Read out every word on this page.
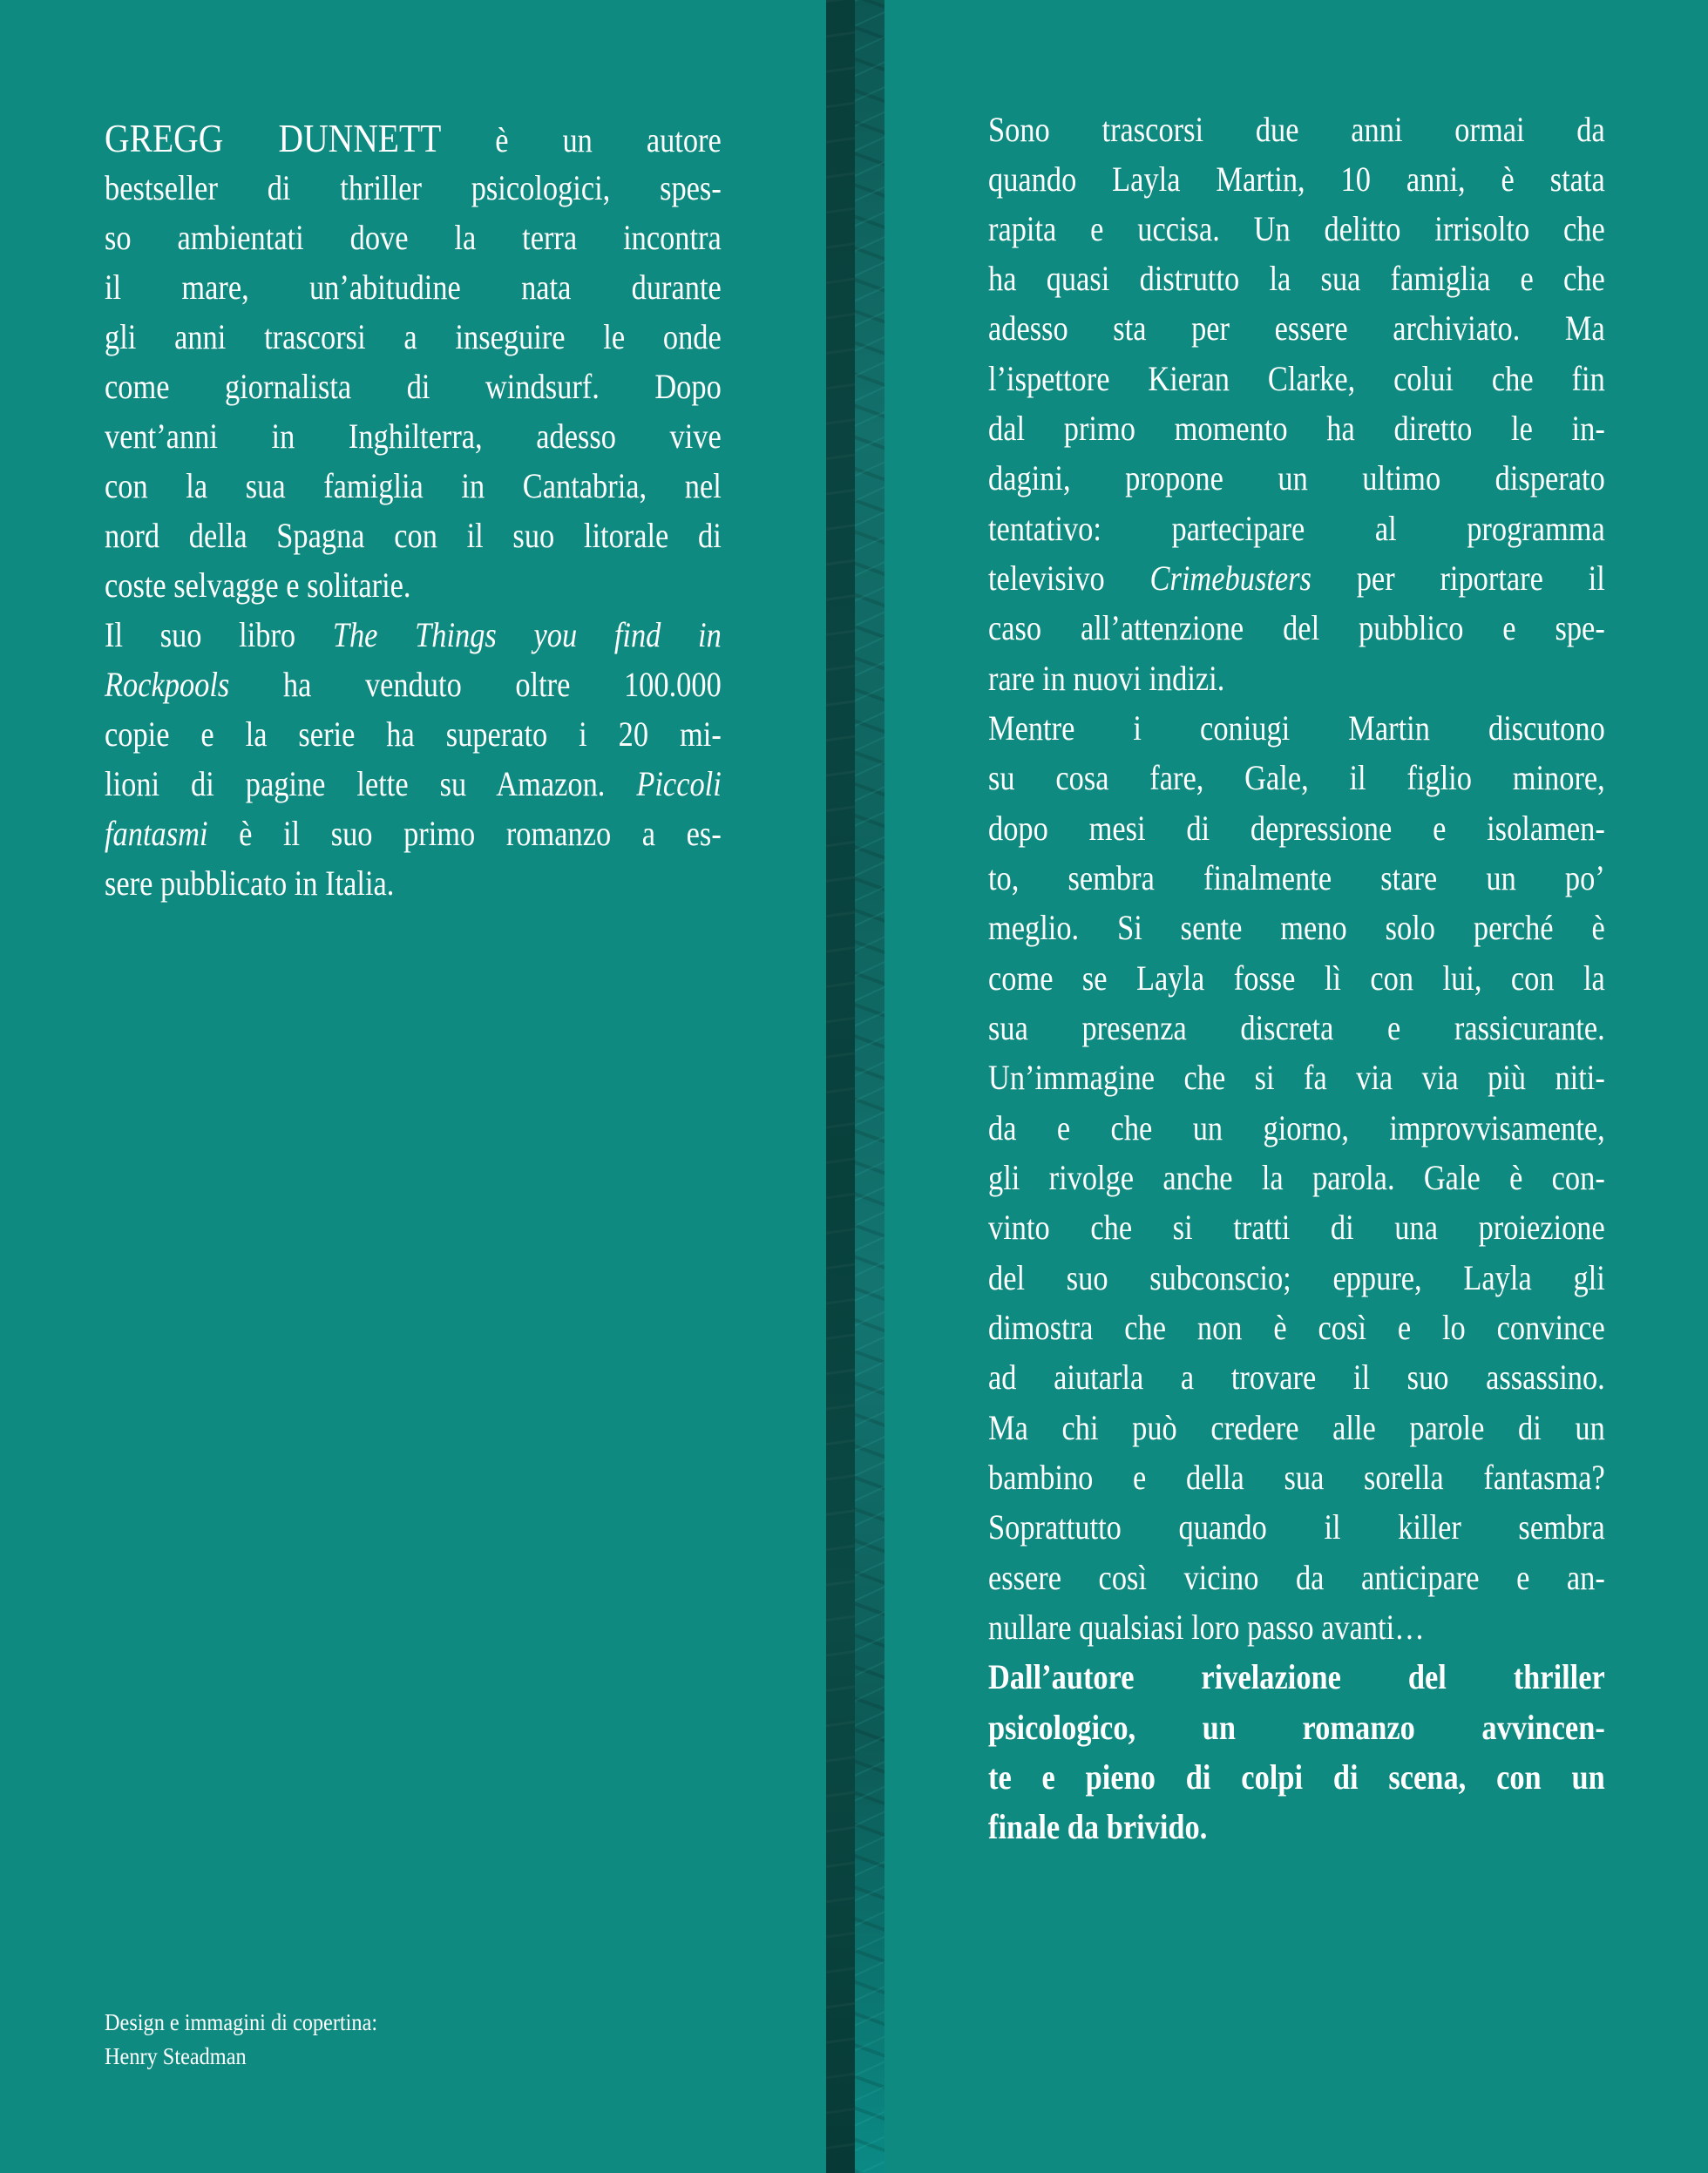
GREGG DUNNETT è un autore
bestseller di thriller psicologici, spes-
so ambientati dove la terra incontra
il mare, un’abitudine nata durante
gli anni trascorsi a inseguire le onde
come giornalista di windsurf. Dopo
vent’anni in Inghilterra, adesso vive
con la sua famiglia in Cantabria, nel
nord della Spagna con il suo litorale di
coste selvagge e solitarie.
Il suo libro The Things you find in
Rockpools ha venduto oltre 100.000
copie e la serie ha superato i 20 mi-
lioni di pagine lette su Amazon. Piccoli
fantasmi è il suo primo romanzo a es-
sere pubblicato in Italia.
Design e immagini di copertina:
Henry Steadman
Sono trascorsi due anni ormai da
quando Layla Martin, 10 anni, è stata
rapita e uccisa. Un delitto irrisolto che
ha quasi distrutto la sua famiglia e che
adesso sta per essere archiviato. Ma
l’ispettore Kieran Clarke, colui che fin
dal primo momento ha diretto le in-
dagini, propone un ultimo disperato
tentativo: partecipare al programma
televisivo Crimebusters per riportare il
caso all’attenzione del pubblico e spe-
rare in nuovi indizi.
Mentre i coniugi Martin discutono
su cosa fare, Gale, il figlio minore,
dopo mesi di depressione e isolamen-
to, sembra finalmente stare un po’
meglio. Si sente meno solo perché è
come se Layla fosse lì con lui, con la
sua presenza discreta e rassicurante.
Un’immagine che si fa via via più niti-
da e che un giorno, improvvisamente,
gli rivolge anche la parola. Gale è con-
vinto che si tratti di una proiezione
del suo subconscio; eppure, Layla gli
dimostra che non è così e lo convince
ad aiutarla a trovare il suo assassino.
Ma chi può credere alle parole di un
bambino e della sua sorella fantasma?
Soprattutto quando il killer sembra
essere così vicino da anticipare e an-
nullare qualsiasi loro passo avanti…
Dall’autore rivelazione del thriller
psicologico, un romanzo avvincen-
te e pieno di colpi di scena, con un
finale da brivido.
